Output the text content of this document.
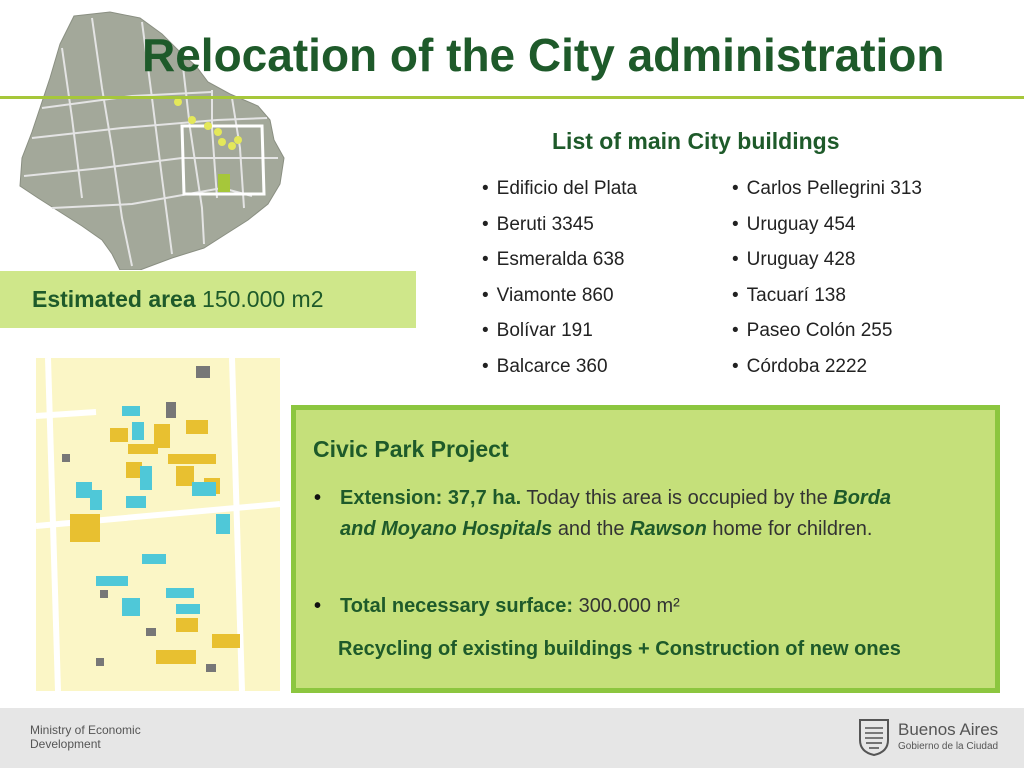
Relocation of the City administration
Estimated area 150.000 m2
List of main City buildings
• Edificio del Plata
• Beruti 3345
• Esmeralda 638
• Viamonte 860
• Bolívar 191
• Balcarce 360
• Carlos Pellegrini 313
• Uruguay 454
• Uruguay 428
• Tacuarí 138
• Paseo Colón 255
• Córdoba 2222
Civic Park Project
• Extension: 37,7 ha. Today this area is occupied by the Borda and Moyano Hospitals and the Rawson home for children.
• Total necessary surface: 300.000 m²
Recycling of existing buildings + Construction of new ones
Ministry of Economic Development
Buenos Aires
Gobierno de la Ciudad
